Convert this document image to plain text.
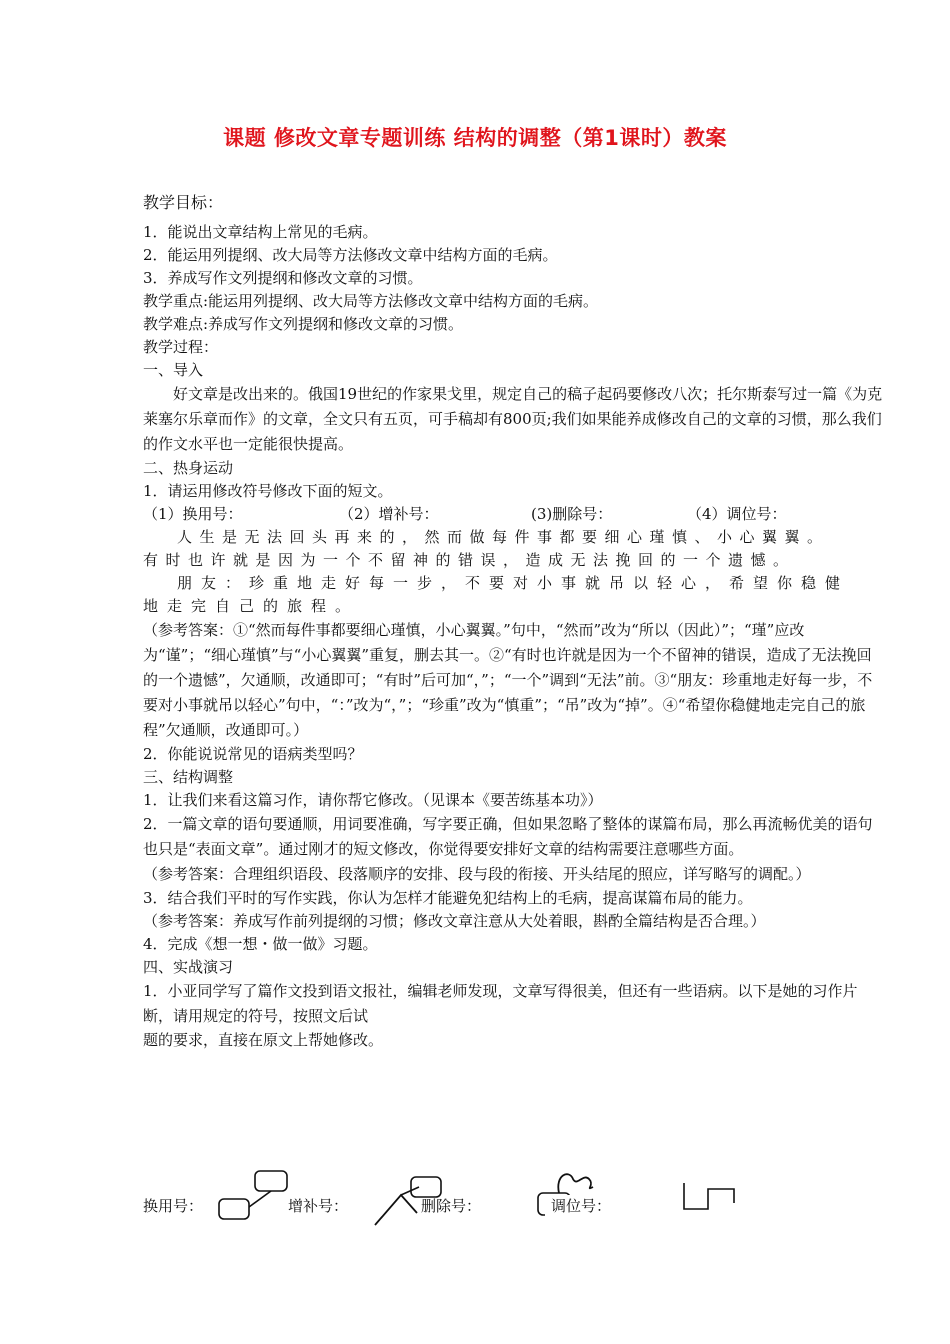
课题 修改文章专题训练 结构的调整（第1课时）教案
教学目标：
1．能说出文章结构上常见的毛病。
2．能运用列提纲、改大局等方法修改文章中结构方面的毛病。
3．养成写作文列提纲和修改文章的习惯。
教学重点:能运用列提纲、改大局等方法修改文章中结构方面的毛病。
教学难点:养成写作文列提纲和修改文章的习惯。
教学过程：
一、导入
好文章是改出来的。俄国19世纪的作家果戈里，规定自己的稿子起码要修改八次；托尔斯泰写过一篇《为克莱塞尔乐章而作》的文章，全文只有五页，可手稿却有800页;我们如果能养成修改自己的文章的习惯，那么我们的作文水平也一定能很快提高。
二、热身运动
1．请运用修改符号修改下面的短文。
（1）换用号：	（2）增补号：	(3)删除号：	（4）调位号：
人生是无法回头再来的，然而做每件事都要细心瑾慎、小心翼翼。
有时也许就是因为一个不留神的错误，造成无法挽回的一个遗憾。
朋友：珍重地走好每一步，不要对小事就吊以轻心，希望你稳健
地走完自己的旅程。
（参考答案：①“然而每件事都要细心瑾慎，小心翼翼。”句中，“然而”改为“所以（因此）”；“瑾”应改为“谨”；“细心瑾慎”与“小心翼翼”重复，删去其一。②“有时也许就是因为一个不留神的错误，造成了无法挽回的一个遗憾”，欠通顺，改通即可；“有时”后可加“，”；“一个”调到“无法”前。③“朋友：珍重地走好每一步，不要对小事就吊以轻心”句中，“：”改为“，”；“珍重”改为“慎重”；“吊”改为“掉”。④“希望你稳健地走完自己的旅程”欠通顺，改通即可。）
2．你能说说常见的语病类型吗？
三、结构调整
1．让我们来看这篇习作，请你帮它修改。（见课本《要苦练基本功》）
2．一篇文章的语句要通顺，用词要准确，写字要正确，但如果忽略了整体的谋篇布局，那么再流畅优美的语句也只是“表面文章”。通过刚才的短文修改，你觉得要安排好文章的结构需要注意哪些方面。
（参考答案：合理组织语段、段落顺序的安排、段与段的衔接、开头结尾的照应，详写略写的调配。）
3．结合我们平时的写作实践，你认为怎样才能避免犯结构上的毛病，提高谋篇布局的能力。
（参考答案：养成写作前列提纲的习惯；修改文章注意从大处着眼，斟酌全篇结构是否合理。）
4．完成《想一想・做一做》习题。
四、实战演习
1．小亚同学写了篇作文投到语文报社，编辑老师发现，文章写得很美，但还有一些语病。以下是她的习作片断，请用规定的符号，按照文后试
题的要求，直接在原文上帮她修改。
换用号：	增补号：	删除号：	调位号：
